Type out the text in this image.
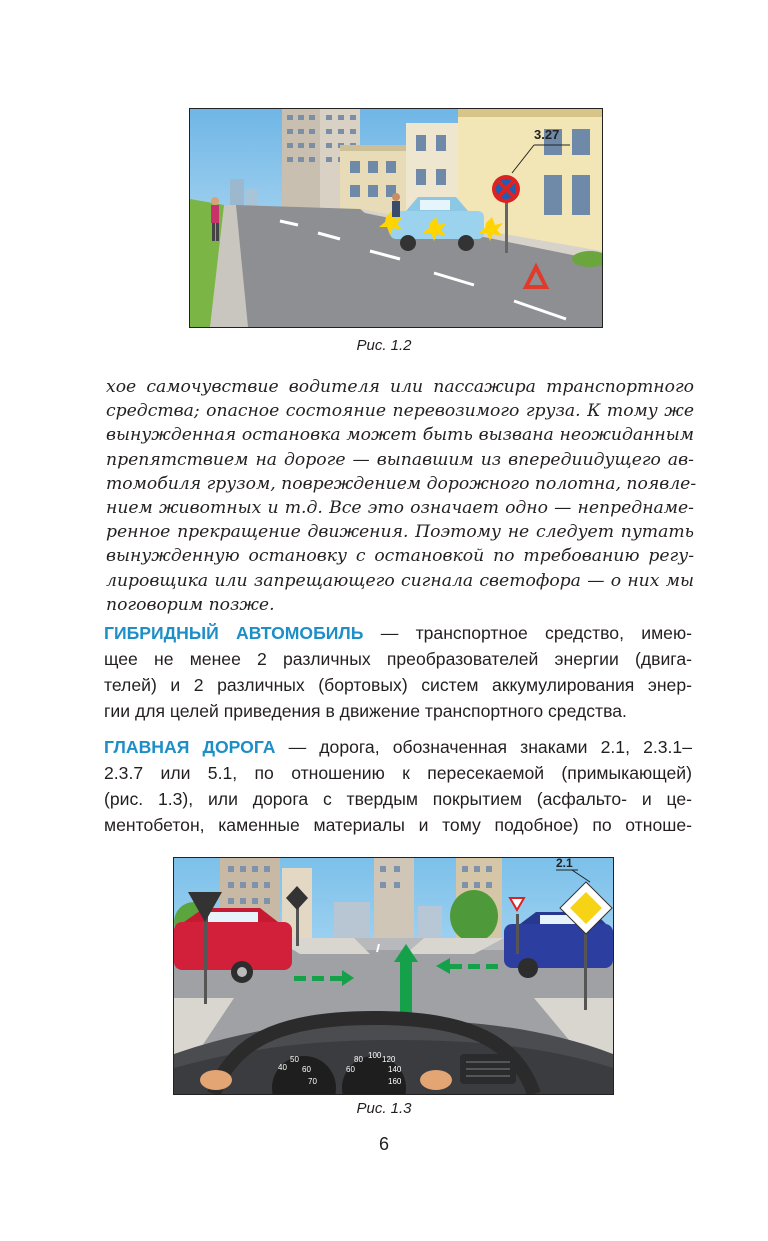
3.27
Рис. 1.2
хое самочувствие водителя или пассажира транспортного
средства; опасное состояние перевозимого груза. К тому же
вынужденная остановка может быть вызвана неожиданным
препятствием на дороге — выпавшим из впередиидущего ав-
томобиля грузом, повреждением дорожного полотна, появле-
нием животных и т.д. Все это означает одно — непреднаме-
ренное прекращение движения. Поэтому не следует путать
вынужденную остановку с остановкой по требованию регу-
лировщика или запрещающего сигнала светофора — о них мы
поговорим позже.
ГИБРИДНЫЙ АВТОМОБИЛЬ — транспортное средство, имею-
щее не менее 2 различных преобразователей энергии (двига-
телей) и 2 различных (бортовых) систем аккумулирования энер-
гии для целей приведения в движение транспортного средства.
ГЛАВНАЯ ДОРОГА — дорога, обозначенная знаками 2.1, 2.3.1–
2.3.7 или 5.1, по отношению к пересекаемой (примыкающей)
(рис. 1.3), или дорога с твердым покрытием (асфальто- и це-
ментобетон, каменные материалы и тому подобное) по отноше-
2.1
40
50
60
70
60
80 100 120
140
160
Рис. 1.3
6
